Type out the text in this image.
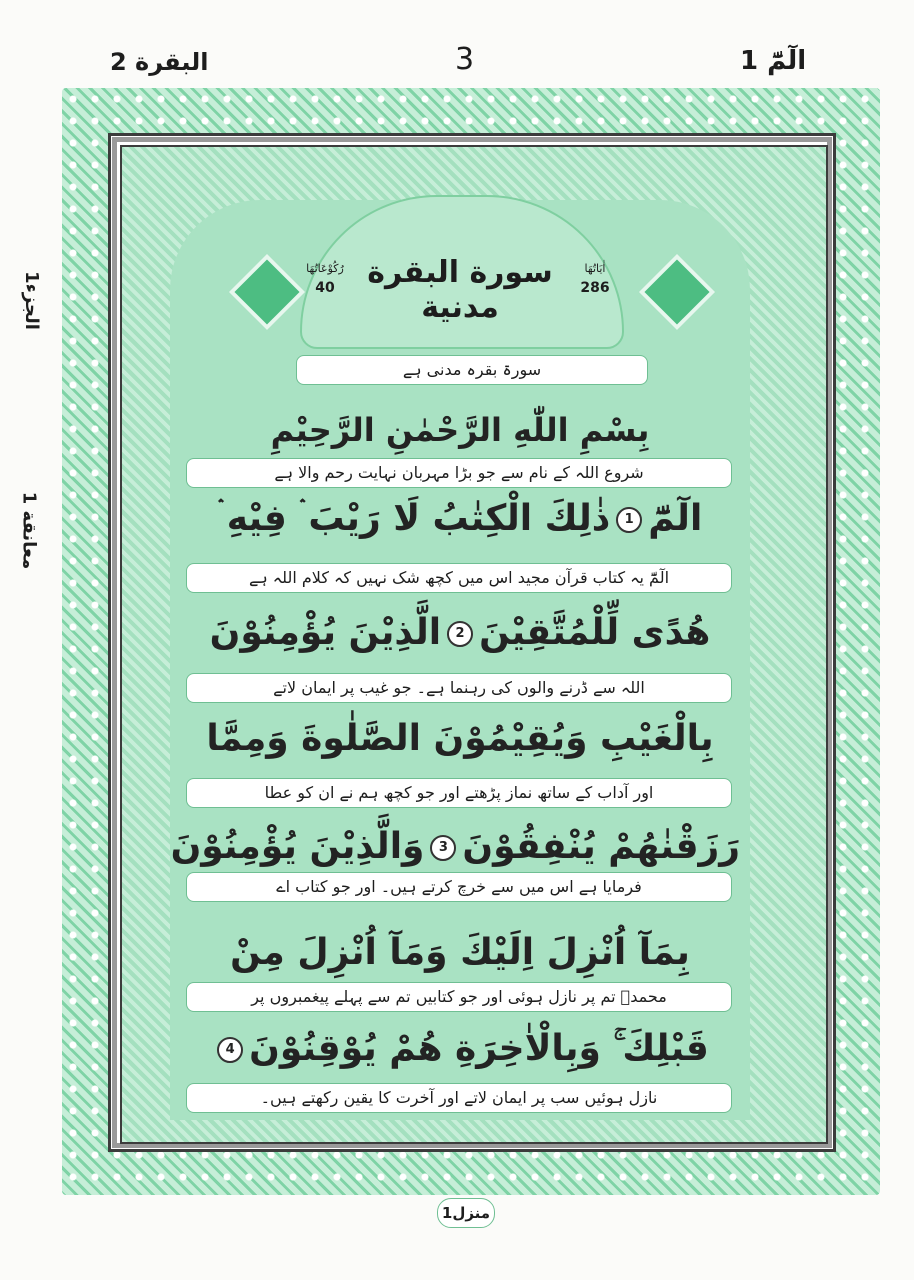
البقرة 2	3	الٓمّٓ 1
الجزء1
معانقة 1
سورة البقرة مدنية
اٰيَاتُهَا
286
رُكُوْعَاتُهَا
40
سورۃ بقرہ مدنی ہے
بِسْمِ اللّٰهِ الرَّحْمٰنِ الرَّحِيْمِ
شروع اللہ کے نام سے جو بڑا مہربان نہایت رحم والا ہے
الٓمّٓ1ذٰلِكَ الْكِتٰبُ لَا رَيْبَ ۛ فِيْهِ ۛ
الٓمّٓ یہ کتاب قرآن مجید اس میں کچھ شک نہیں کہ کلام اللہ ہے
هُدًى لِّلْمُتَّقِيْنَ2الَّذِيْنَ يُؤْمِنُوْنَ
اللہ سے ڈرنے والوں کی رہنما ہے۔ جو غیب پر ایمان لاتے
بِالْغَيْبِ وَيُقِيْمُوْنَ الصَّلٰوةَ وَمِمَّا
اور آداب کے ساتھ نماز پڑھتے اور جو کچھ ہم نے ان کو عطا
رَزَقْنٰهُمْ يُنْفِقُوْنَ3وَالَّذِيْنَ يُؤْمِنُوْنَ
فرمایا ہے اس میں سے خرچ کرتے ہیں۔ اور جو کتاب اے
بِمَآ اُنْزِلَ اِلَيْكَ وَمَآ اُنْزِلَ مِنْ
محمدؐ تم پر نازل ہوئی اور جو کتابیں تم سے پہلے پیغمبروں پر
قَبْلِكَ ۚ وَبِالْاٰخِرَةِ هُمْ يُوْقِنُوْنَ4
نازل ہوئیں سب پر ایمان لاتے اور آخرت کا یقین رکھتے ہیں۔
منزل1
